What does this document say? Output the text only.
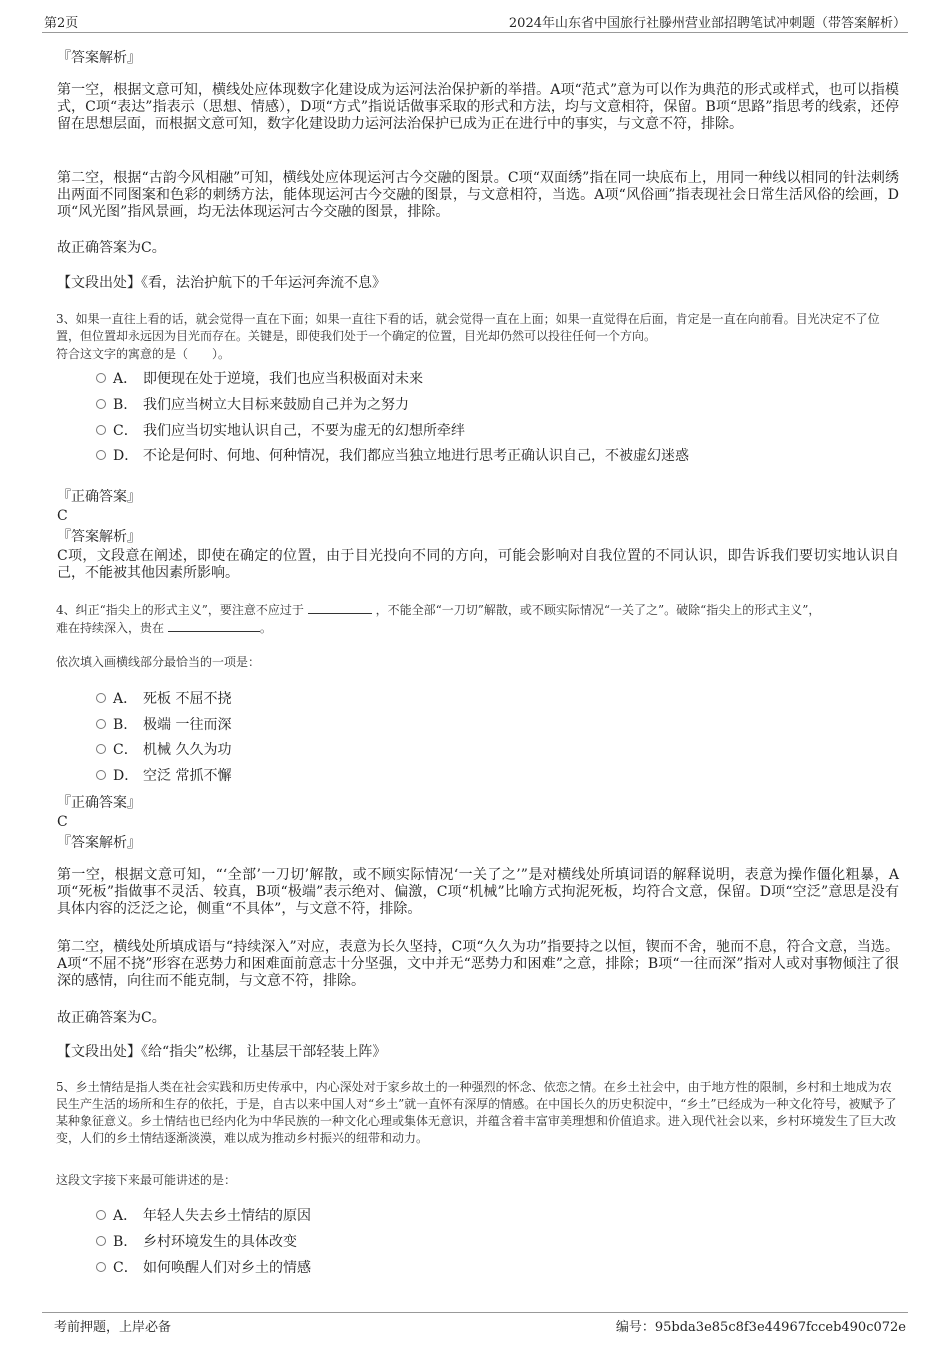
第2页	2024年山东省中国旅行社滕州营业部招聘笔试冲刺题（带答案解析）

『答案解析』

第一空，根据文意可知，横线处应体现数字化建设成为运河法治保护新的举措。A项“范式”意为可以作为典范的形式或样式，也可以指模式，C项“表达”指表示（思想、情感），D项“方式”指说话做事采取的形式和方法，均与文意相符，保留。B项“思路”指思考的线索，还停留在思想层面，而根据文意可知，数字化建设助力运河法治保护已成为正在进行中的事实，与文意不符，排除。

第二空，根据“古韵今风相融”可知，横线处应体现运河古今交融的图景。C项“双面绣”指在同一块底布上，用同一种线以相同的针法刺绣出两面不同图案和色彩的刺绣方法，能体现运河古今交融的图景，与文意相符，当选。A项“风俗画”指表现社会日常生活风俗的绘画，D项“风光图”指风景画，均无法体现运河古今交融的图景，排除。

故正确答案为C。

【文段出处】《看，法治护航下的千年运河奔流不息》

3、如果一直往上看的话，就会觉得一直在下面；如果一直往下看的话，就会觉得一直在上面；如果一直觉得在后面，肯定是一直在向前看。目光决定不了位置，但位置却永远因为目光而存在。关键是，即使我们处于一个确定的位置，目光却仍然可以投往任何一个方向。

符合这文字的寓意的是（　　）。

A． 即便现在处于逆境，我们也应当积极面对未来
B. 我们应当树立大目标来鼓励自己并为之努力
C． 我们应当切实地认识自己，不要为虚无的幻想所牵绊
D． 不论是何时、何地、何种情况，我们都应当独立地进行思考正确认识自己，不被虚幻迷惑

『正确答案』

C

『答案解析』

C项，文段意在阐述，即使在确定的位置，由于目光投向不同的方向，可能会影响对自我位置的不同认识，即告诉我们要切实地认识自己，不能被其他因素所影响。

4、纠正“指尖上的形式主义”，要注意不应过于	，不能全部“一刀切”解散，或不顾实际情况“一关了之”。破除“指尖上的形式主义”，
难在持续深入，贵在	。

依次填入画横线部分最恰当的一项是：

A． 死板 不屈不挠
B. 极端 一往而深
C． 机械 久久为功
D． 空泛 常抓不懈

『正确答案』

C

『答案解析』

第一空，根据文意可知，“‘全部’一刀切’解散，或不顾实际情况‘一关了之’”是对横线处所填词语的解释说明，表意为操作僵化粗暴，A项“死板”指做事不灵活、较真，B项“极端”表示绝对、偏激，C项“机械”比喻方式拘泥死板，均符合文意，保留。D项“空泛”意思是没有具体内容的泛泛之论，侧重“不具体”，与文意不符，排除。

第二空，横线处所填成语与“持续深入”对应，表意为长久坚持，C项“久久为功”指要持之以恒，锲而不舍，驰而不息，符合文意，当选。A项“不屈不挠”形容在恶势力和困难面前意志十分坚强，文中并无“恶势力和困难”之意，排除；B项“一往而深”指对人或对事物倾注了很深的感情，向往而不能克制，与文意不符，排除。

故正确答案为C。

【文段出处】《给“指尖”松绑，让基层干部轻装上阵》

5、乡土情结是指人类在社会实践和历史传承中，内心深处对于家乡故土的一种强烈的怀念、依恋之情。在乡土社会中，由于地方性的限制，乡村和土地成为农民生产生活的场所和生存的依托，于是，自古以来中国人对“乡土”就一直怀有深厚的情感。在中国长久的历史积淀中，“乡土”已经成为一种文化符号，被赋予了某种象征意义。乡土情结也已经内化为中华民族的一种文化心理或集体无意识，并蕴含着丰富审美理想和价值追求。进入现代社会以来，乡村环境发生了巨大改变，人们的乡土情结逐渐淡漠，难以成为推动乡村振兴的纽带和动力。

这段文字接下来最可能讲述的是：

A． 年轻人失去乡土情结的原因
B. 乡村环境发生的具体改变
C． 如何唤醒人们对乡土的情感
考前押题，上岸必备	编号：95bda3e85c8f3e44967fcceb490c072e
